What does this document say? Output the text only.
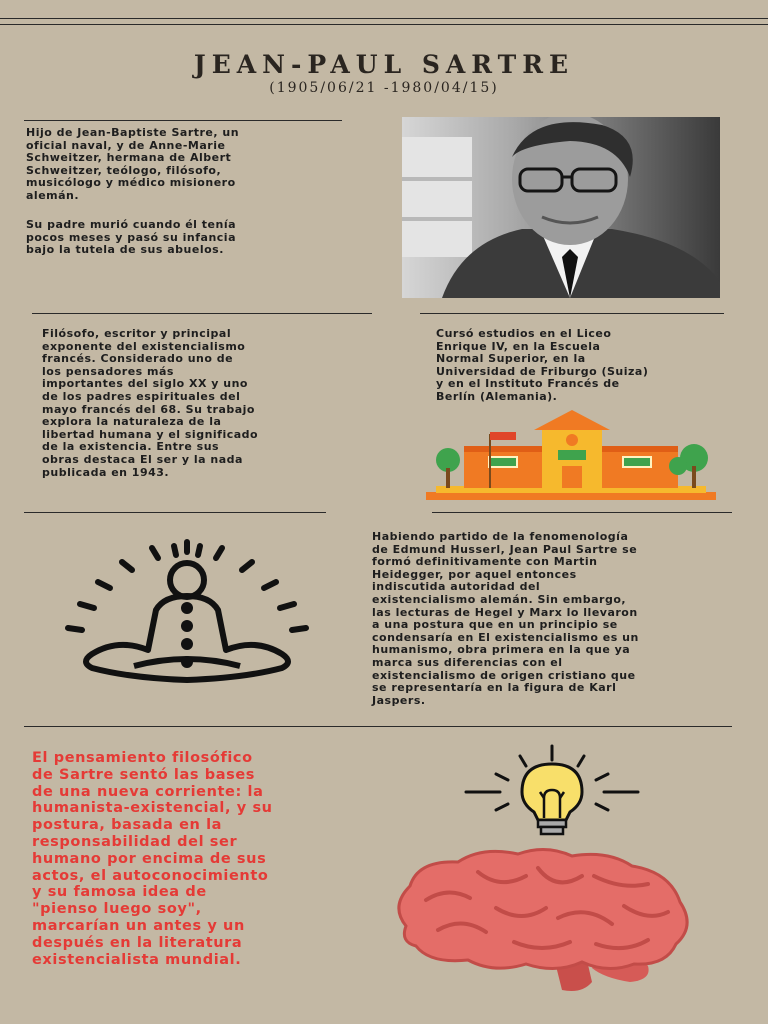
JEAN-PAUL SARTRE
(1905/06/21 -1980/04/15)
Hijo de Jean-Baptiste Sartre, un
oficial naval, y de Anne-Marie
Schweitzer, hermana de Albert
Schweitzer, teólogo, filósofo,
musicólogo y médico misionero
alemán.
Su padre murió cuando él tenía
pocos meses y pasó su infancia
bajo la tutela de sus abuelos.
Filósofo, escritor y principal
exponente del existencialismo
francés. Considerado uno de
los pensadores más
importantes del siglo XX y uno
de los padres espirituales del
mayo francés del 68. Su trabajo
explora la naturaleza de la
libertad humana y el significado
de la existencia. Entre sus
obras destaca El ser y la nada
publicada en 1943.
Cursó estudios en el Liceo
Enrique IV, en la Escuela
Normal Superior, en la
Universidad de Friburgo (Suiza)
y en el Instituto Francés de
Berlín (Alemania).
Habiendo partido de la fenomenología
de Edmund Husserl, Jean Paul Sartre se
formó definitivamente con Martin
Heidegger, por aquel entonces
indiscutida autoridad del
existencialismo alemán. Sin embargo,
las lecturas de Hegel y Marx lo llevaron
a una postura que en un principio se
condensaría en El existencialismo es un
humanismo, obra primera en la que ya
marca sus diferencias con el
existencialismo de origen cristiano que
se representaría en la figura de Karl
Jaspers.
El pensamiento filosófico
de Sartre sentó las bases
de una nueva corriente: la
humanista-existencial, y su
postura, basada en la
responsabilidad del ser
humano por encima de sus
actos, el autoconocimiento
y su famosa idea de
"pienso luego soy",
marcarían un antes y un
después en la literatura
existencialista mundial.
